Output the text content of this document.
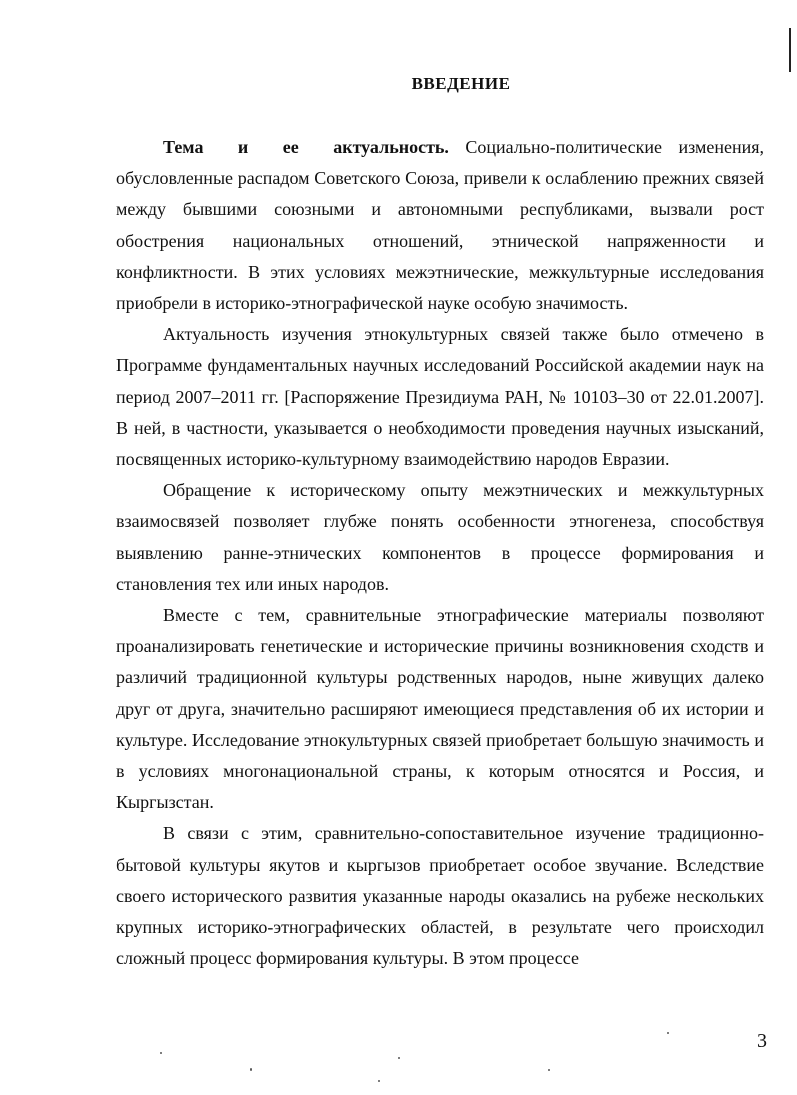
ВВЕДЕНИЕ

Тема и ее актуальность. Социально-политические изменения, обусловленные распадом Советского Союза, привели к ослаблению прежних связей между бывшими союзными и автономными республиками, вызвали рост обострения национальных отношений, этнической напряженности и конфликтности. В этих условиях межэтнические, межкультурные исследования приобрели в историко-этнографической науке особую значимость.

Актуальность изучения этнокультурных связей также было отмечено в Программе фундаментальных научных исследований Российской академии наук на период 2007–2011 гг. [Распоряжение Президиума РАН, № 10103–30 от 22.01.2007]. В ней, в частности, указывается о необходимости проведения научных изысканий, посвященных историко-культурному взаимодействию народов Евразии.

Обращение к историческому опыту межэтнических и межкультурных взаимосвязей позволяет глубже понять особенности этногенеза, способствуя выявлению ранне-этнических компонентов в процессе формирования и становления тех или иных народов.

Вместе с тем, сравнительные этнографические материалы позволяют проанализировать генетические и исторические причины возникновения сходств и различий традиционной культуры родственных народов, ныне живущих далеко друг от друга, значительно расширяют имеющиеся представления об их истории и культуре. Исследование этнокультурных связей приобретает большую значимость и в условиях многонациональной страны, к которым относятся и Россия, и Кыргызстан.

В связи с этим, сравнительно-сопоставительное изучение традиционно-бытовой культуры якутов и кыргызов приобретает особое звучание. Вследствие своего исторического развития указанные народы оказались на рубеже нескольких крупных историко-этнографических областей, в результате чего происходил сложный процесс формирования культуры. В этом процессе

3
